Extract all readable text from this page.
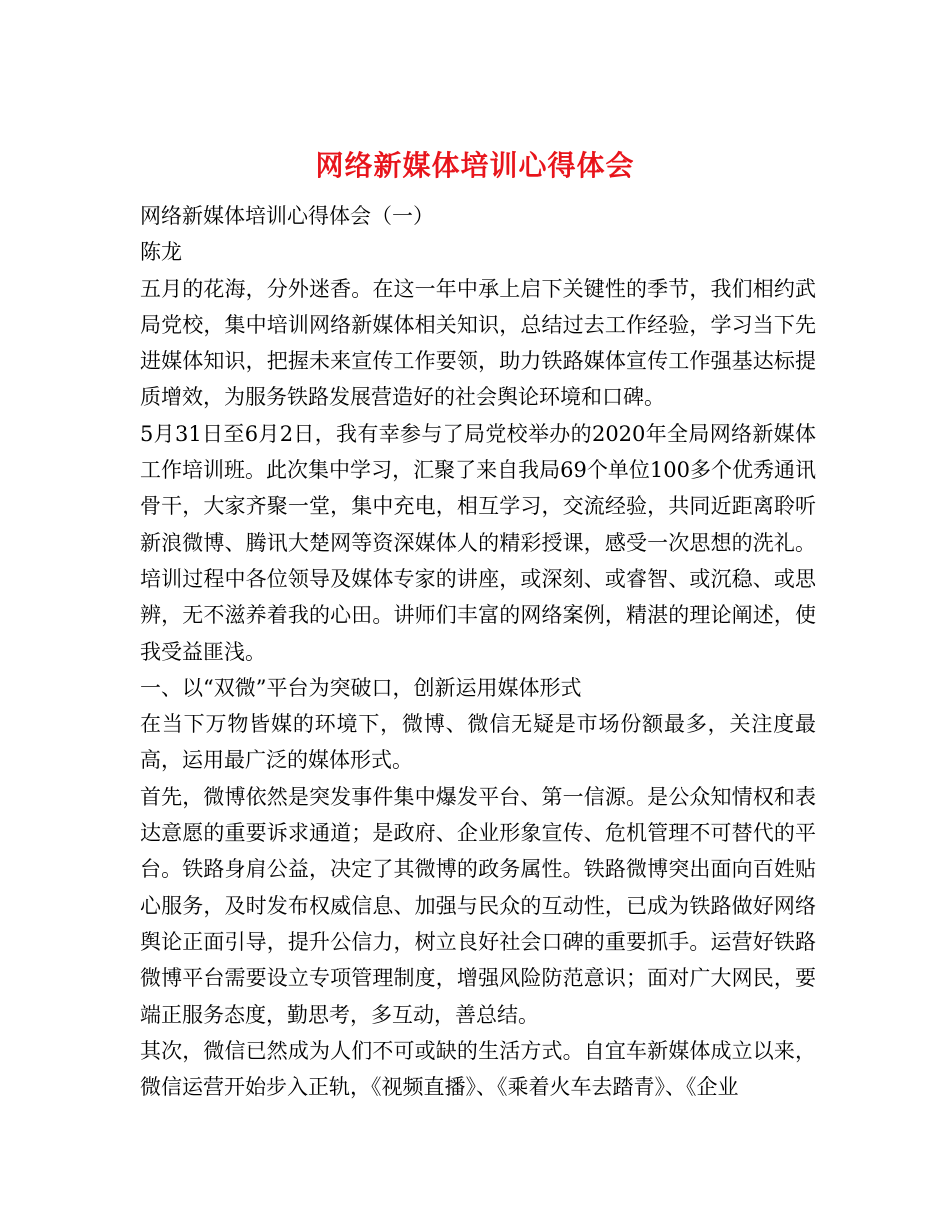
网络新媒体培训心得体会

网络新媒体培训心得体会（一）

陈龙

五月的花海，分外迷香。在这一年中承上启下关键性的季节，我们相约武局党校，集中培训网络新媒体相关知识，总结过去工作经验，学习当下先进媒体知识，把握未来宣传工作要领，助力铁路媒体宣传工作强基达标提质增效，为服务铁路发展营造好的社会舆论环境和口碑。

5月31日至6月2日，我有幸参与了局党校举办的2020年全局网络新媒体工作培训班。此次集中学习，汇聚了来自我局69个单位100多个优秀通讯骨干，大家齐聚一堂，集中充电，相互学习，交流经验，共同近距离聆听新浪微博、腾讯大楚网等资深媒体人的精彩授课，感受一次思想的洗礼。培训过程中各位领导及媒体专家的讲座，或深刻、或睿智、或沉稳、或思辨，无不滋养着我的心田。讲师们丰富的网络案例，精湛的理论阐述，使我受益匪浅。

一、以“双微”平台为突破口，创新运用媒体形式

在当下万物皆媒的环境下，微博、微信无疑是市场份额最多，关注度最高，运用最广泛的媒体形式。

首先，微博依然是突发事件集中爆发平台、第一信源。是公众知情权和表达意愿的重要诉求通道；是政府、企业形象宣传、危机管理不可替代的平台。铁路身肩公益，决定了其微博的政务属性。铁路微博突出面向百姓贴心服务，及时发布权威信息、加强与民众的互动性，已成为铁路做好网络舆论正面引导，提升公信力，树立良好社会口碑的重要抓手。运营好铁路微博平台需要设立专项管理制度，增强风险防范意识；面对广大网民，要端正服务态度，勤思考，多互动，善总结。

其次，微信已然成为人们不可或缺的生活方式。自宜车新媒体成立以来，微信运营开始步入正轨，《视频直播》、《乘着火车去踏青》、《企业
